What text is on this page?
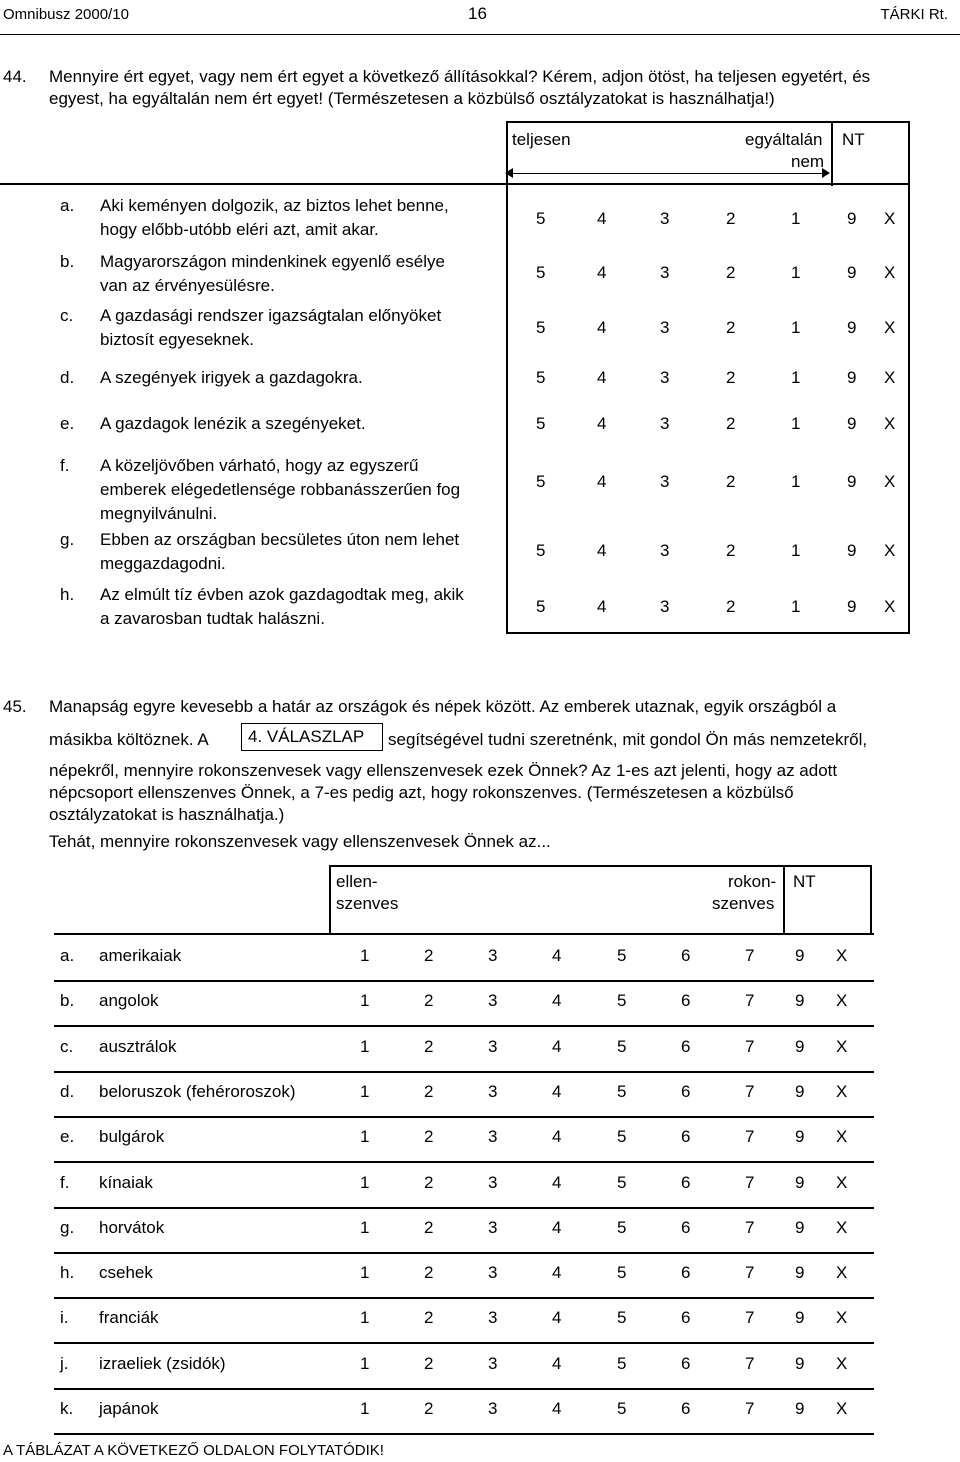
Omnibusz 2000/10	16	TÁRKI Rt.
44. Mennyire ért egyet, vagy nem ért egyet a következő állításokkal? Kérem, adjon ötöst, ha teljesen egyetért, és
egyest, ha egyáltalán nem ért egyet! (Természetesen a közbülső osztályzatokat is használhatja!)
teljesen	egyáltalán
nem
NT
a. Aki keményen dolgozik, az biztos lehet benne,
hogy előbb-utóbb eléri azt, amit akar.
5	4	3	2	1	9 X
b. Magyarországon mindenkinek egyenlő esélye
van az érvényesülésre.
5	4	3	2	1	9 X
c. A gazdasági rendszer igazságtalan előnyöket
biztosít egyeseknek.
5	4	3	2	1	9 X
d. A szegények irigyek a gazdagokra.	5	4	3	2	1	9 X
e. A gazdagok lenézik a szegényeket.	5	4	3	2	1	9 X
f. A közeljövőben várható, hogy az egyszerű
emberek elégedetlensége robbanásszerűen fog
megnyilvánulni.
5	4	3	2	1	9 X
g. Ebben az országban becsületes úton nem lehet
meggazdagodni.
5	4	3	2	1	9 X
h. Az elmúlt tíz évben azok gazdagodtak meg, akik
a zavarosban tudtak halászni.
5	4	3	2	1	9 X
45. Manapság egyre kevesebb a határ az országok és népek között. Az emberek utaznak, egyik országból a
másikba költöznek. A	4. VÁLASZLAP	segítségével tudni szeretnénk, mit gondol Ön más nemzetekről,
népekről, mennyire rokonszenvesek vagy ellenszenvesek ezek Önnek? Az 1-es azt jelenti, hogy az adott
népcsoport ellenszenves Önnek, a 7-es pedig azt, hogy rokonszenves. (Természetesen a közbülső
osztályzatokat is használhatja.)
Tehát, mennyire rokonszenvesek vagy ellenszenvesek Önnek az...
ellen-
szenves
rokon-
szenves
NT
a. amerikaiak	1	2	3	4	5	6	7 9 X
b. angolok	1	2	3	4	5	6	7 9 X
c. ausztrálok	1	2	3	4	5	6	7 9 X
d. beloruszok (fehéroroszok)	1	2	3	4	5	6	7 9 X
e. bulgárok	1	2	3	4	5	6	7 9 X
f. kínaiak	1	2	3	4	5	6	7 9 X
g. horvátok	1	2	3	4	5	6	7 9 X
h. csehek	1	2	3	4	5	6	7 9 X
i. franciák	1	2	3	4	5	6	7 9 X
j. izraeliek (zsidók)	1	2	3	4	5	6	7 9 X
k. japánok	1	2	3	4	5	6	7 9 X
A TÁBLÁZAT A KÖVETKEZŐ OLDALON FOLYTATÓDIK!
